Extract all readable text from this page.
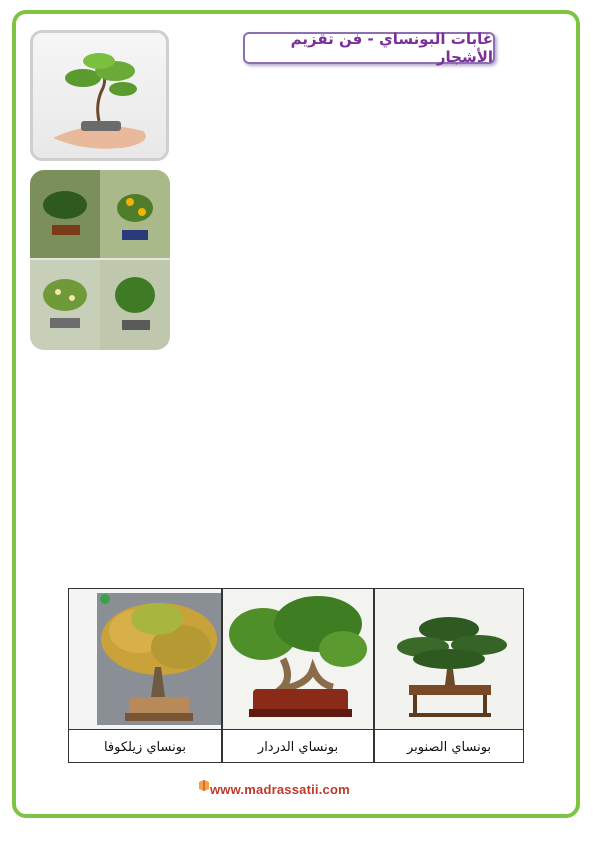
غابات البونساي - فن تقزيم الأشجار
بونساي زيلكوفا	بونساي الدردار	بونساي الصنوبر
www.madrassatii.com
